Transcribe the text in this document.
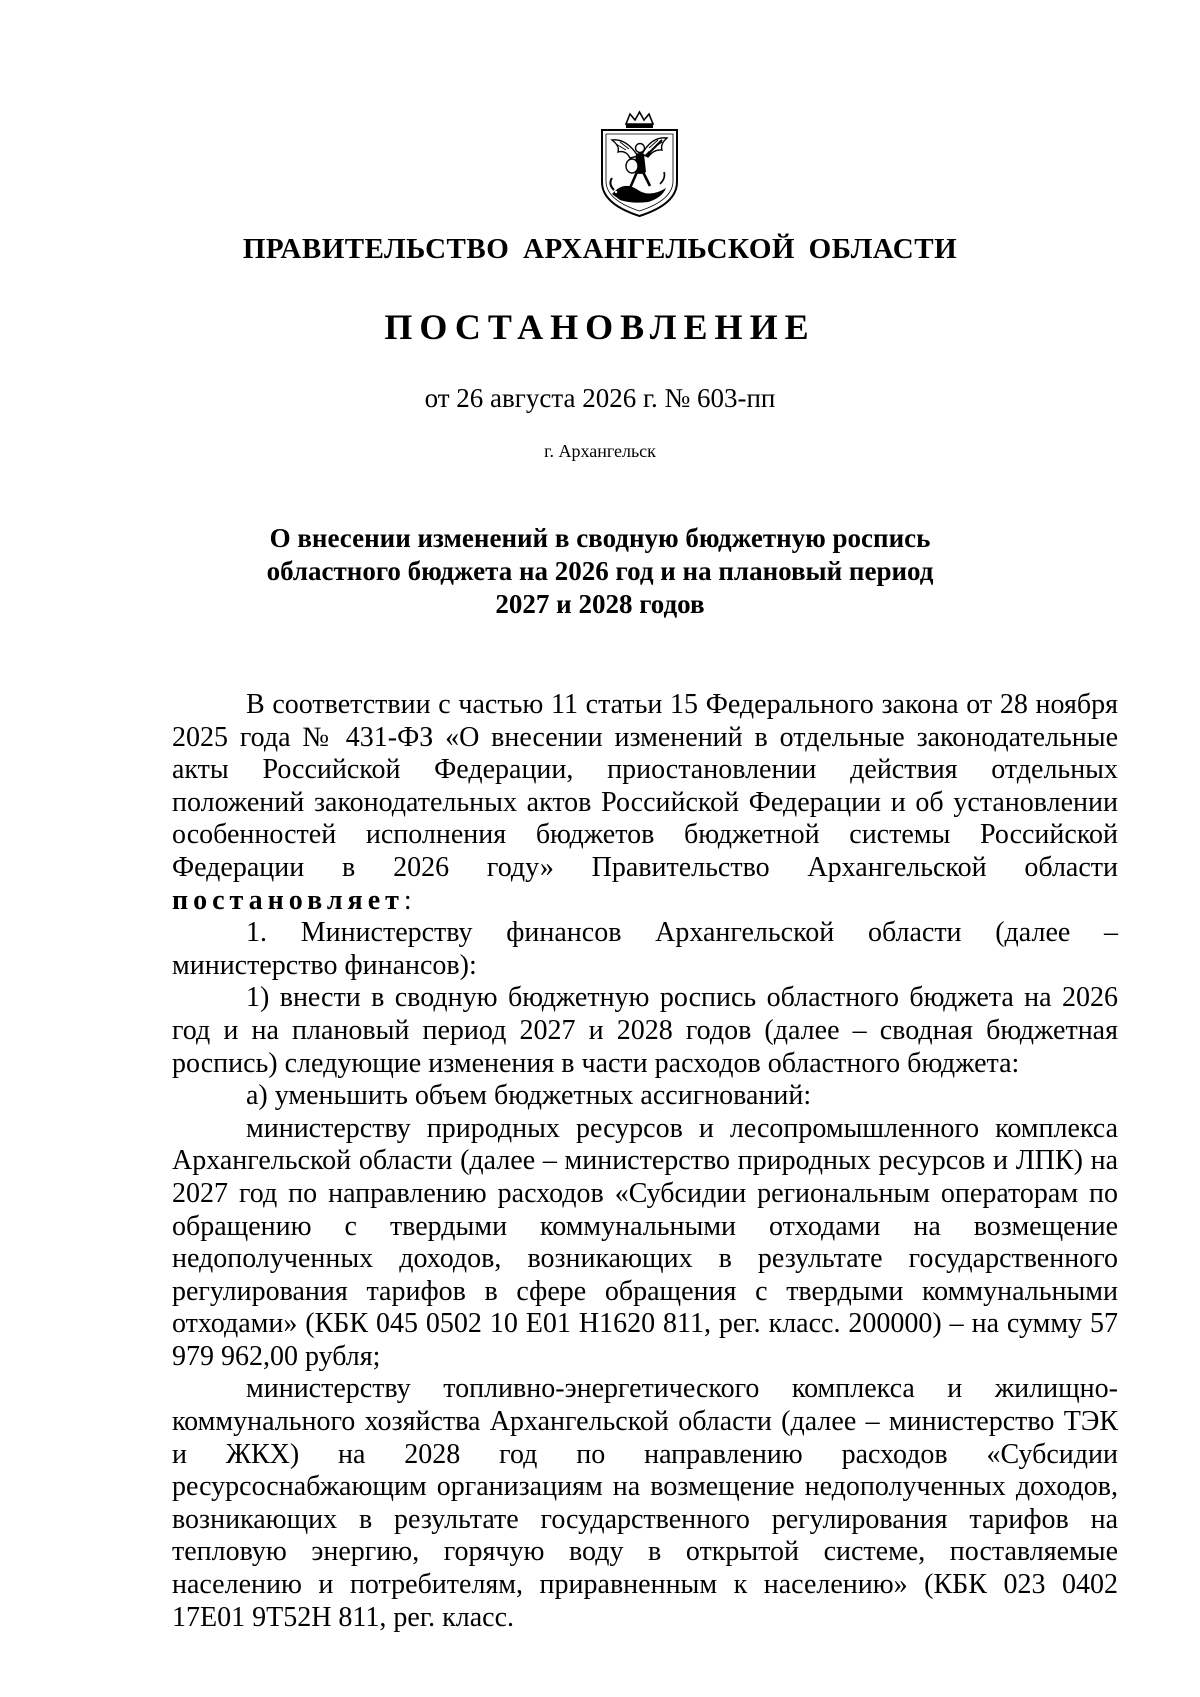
ПРАВИТЕЛЬСТВО АРХАНГЕЛЬСКОЙ ОБЛАСТИ
ПОСТАНОВЛЕНИЕ
от 26 августа 2026 г. № 603-пп
г. Архангельск
О внесении изменений в сводную бюджетную роспись
областного бюджета на 2026 год и на плановый период
2027 и 2028 годов

В соответствии с частью 11 статьи 15 Федерального закона от 28 ноября 2025 года № 431-ФЗ «О внесении изменений в отдельные законодательные акты Российской Федерации, приостановлении действия отдельных положений законодательных актов Российской Федерации и об установлении особенностей исполнения бюджетов бюджетной системы Российской Федерации в 2026 году» Правительство Архангельской области постановляет:

1. Министерству финансов Архангельской области (далее – министерство финансов):

1) внести в сводную бюджетную роспись областного бюджета на 2026 год и на плановый период 2027 и 2028 годов (далее – сводная бюджетная роспись) следующие изменения в части расходов областного бюджета:

а) уменьшить объем бюджетных ассигнований:

министерству природных ресурсов и лесопромышленного комплекса Архангельской области (далее – министерство природных ресурсов и ЛПК) на 2027 год по направлению расходов «Субсидии региональным операторам по обращению с твердыми коммунальными отходами на возмещение недополученных доходов, возникающих в результате государственного регулирования тарифов в сфере обращения с твердыми коммунальными отходами» (КБК 045 0502 10 Е01 Н1620 811, рег. класс. 200000) – на сумму 57 979 962,00 рубля;

министерству топливно-энергетического комплекса и жилищно-коммунального хозяйства Архангельской области (далее – министерство ТЭК и ЖКХ) на 2028 год по направлению расходов «Субсидии ресурсоснабжающим организациям на возмещение недополученных доходов, возникающих в результате государственного регулирования тарифов на тепловую энергию, горячую воду в открытой системе, поставляемые населению и потребителям, приравненным к населению» (КБК 023 0402 17Е01 9Т52Н 811, рег. класс.
